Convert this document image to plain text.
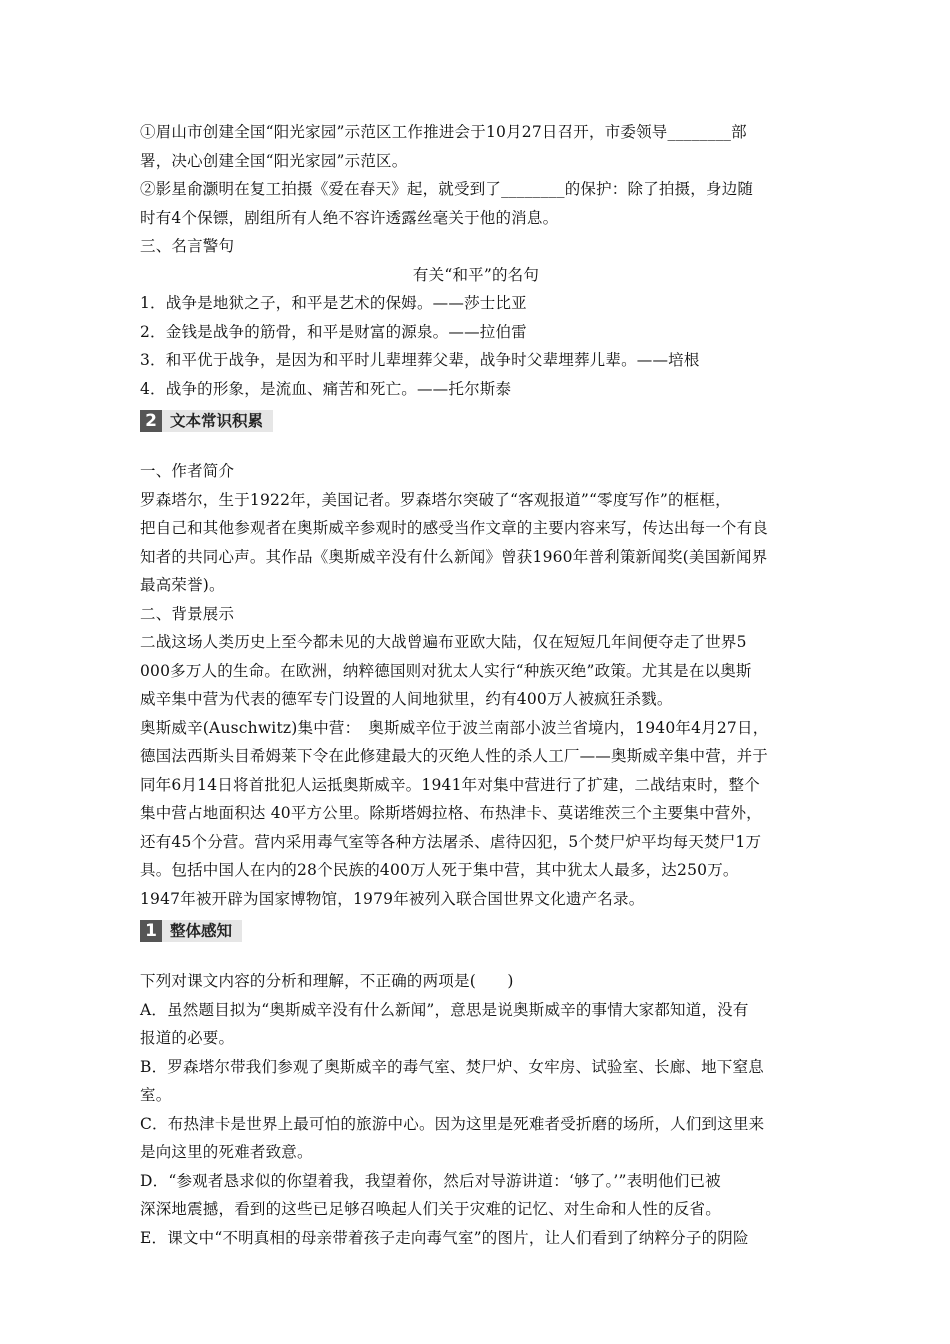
①眉山市创建全国“阳光家园”示范区工作推进会于10月27日召开，市委领导________部
署，决心创建全国“阳光家园”示范区。
②影星俞灏明在复工拍摄《爱在春天》起，就受到了________的保护：除了拍摄，身边随
时有4个保镖，剧组所有人绝不容许透露丝毫关于他的消息。
三、名言警句
有关“和平”的名句
1．战争是地狱之子，和平是艺术的保姆。——莎士比亚
2．金钱是战争的筋骨，和平是财富的源泉。——拉伯雷
3．和平优于战争，是因为和平时儿辈埋葬父辈，战争时父辈埋葬儿辈。——培根
4．战争的形象，是流血、痛苦和死亡。——托尔斯泰
2 文本常识积累
一、作者简介
罗森塔尔，生于1922年，美国记者。罗森塔尔突破了“客观报道”“零度写作”的框框，
把自己和其他参观者在奥斯威辛参观时的感受当作文章的主要内容来写，传达出每一个有良
知者的共同心声。其作品《奥斯威辛没有什么新闻》曾获1960年普利策新闻奖(美国新闻界
最高荣誉)。
二、背景展示
二战这场人类历史上至今都未见的大战曾遍布亚欧大陆，仅在短短几年间便夺走了世界5
000多万人的生命。在欧洲，纳粹德国则对犹太人实行“种族灭绝”政策。尤其是在以奥斯
威辛集中营为代表的德军专门设置的人间地狱里，约有400万人被疯狂杀戮。
奥斯威辛(Auschwitz)集中营：　奥斯威辛位于波兰南部小波兰省境内，1940年4月27日，
德国法西斯头目希姆莱下令在此修建最大的灭绝人性的杀人工厂——奥斯威辛集中营，并于
同年6月14日将首批犯人运抵奥斯威辛。1941年对集中营进行了扩建，二战结束时，整个
集中营占地面积达 40平方公里。除斯塔姆拉格、布热津卡、莫诺维茨三个主要集中营外，
还有45个分营。营内采用毒气室等各种方法屠杀、虐待囚犯，5个焚尸炉平均每天焚尸1万
具。包括中国人在内的28个民族的400万人死于集中营，其中犹太人最多，达250万。
1947年被开辟为国家博物馆，1979年被列入联合国世界文化遗产名录。
1 整体感知
下列对课文内容的分析和理解，不正确的两项是(　　)
A．虽然题目拟为“奥斯威辛没有什么新闻”，意思是说奥斯威辛的事情大家都知道，没有
报道的必要。
B．罗森塔尔带我们参观了奥斯威辛的毒气室、焚尸炉、女牢房、试验室、长廊、地下窒息
室。
C．布热津卡是世界上最可怕的旅游中心。因为这里是死难者受折磨的场所，人们到这里来
是向这里的死难者致意。
D．“参观者恳求似的你望着我，我望着你，然后对导游讲道：‘够了。’”表明他们已被
深深地震撼，看到的这些已足够召唤起人们关于灾难的记忆、对生命和人性的反省。
E．课文中“不明真相的母亲带着孩子走向毒气室”的图片，让人们看到了纳粹分子的阴险
